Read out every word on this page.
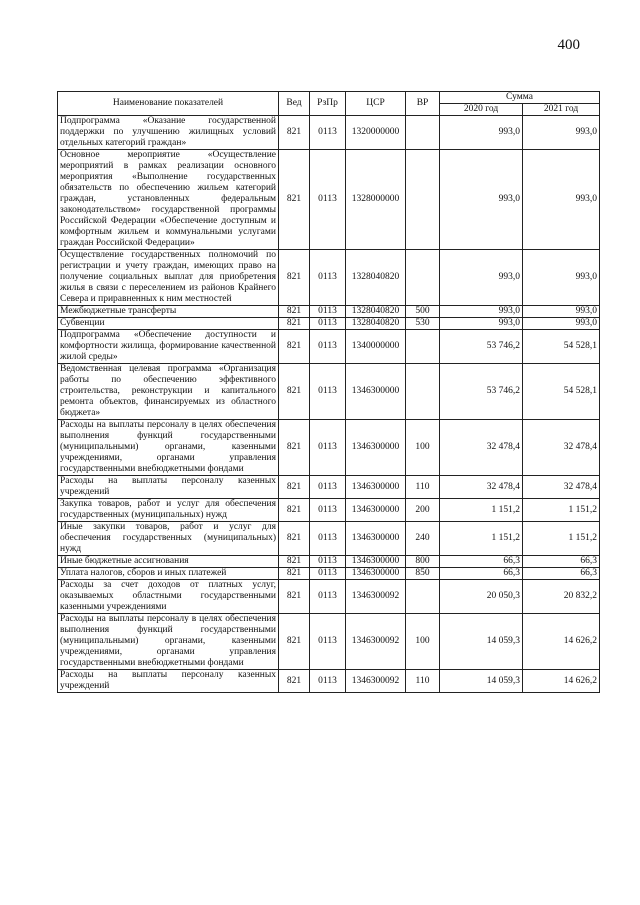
400
Наименование показателей	Вед	РзПр	ЦСР	ВР	Сумма	
					2020 год	2021 год
Подпрограмма «Оказание государственной поддержки по улучшению жилищных условий отдельных категорий граждан»	821	0113	1320000000		993,0	993,0
Основное мероприятие «Осуществление мероприятий в рамках реализации основного мероприятия «Выполнение государственных обязательств по обеспечению жильем категорий граждан, установленных федеральным законодательством» государственной программы Российской Федерации «Обеспечение доступным и комфортным жильем и коммунальными услугами граждан Российской Федерации»	821	0113	1328000000		993,0	993,0
Осуществление государственных полномочий по регистрации и учету граждан, имеющих право на получение социальных выплат для приобретения жилья в связи с переселением из районов Крайнего Севера и приравненных к ним местностей	821	0113	1328040820		993,0	993,0
Межбюджетные трансферты	821	0113	1328040820	500	993,0	993,0
Субвенции	821	0113	1328040820	530	993,0	993,0
Подпрограмма «Обеспечение доступности и комфортности жилища, формирование качественной жилой среды»	821	0113	1340000000		53 746,2	54 528,1
Ведомственная целевая программа «Организация работы по обеспечению эффективного строительства, реконструкции и капитального ремонта объектов, финансируемых из областного бюджета»	821	0113	1346300000		53 746,2	54 528,1
Расходы на выплаты персоналу в целях обеспечения выполнения функций государственными (муниципальными) органами, казенными учреждениями, органами управления государственными внебюджетными фондами	821	0113	1346300000	100	32 478,4	32 478,4
Расходы на выплаты персоналу казенных учреждений	821	0113	1346300000	110	32 478,4	32 478,4
Закупка товаров, работ и услуг для обеспечения государственных (муниципальных) нужд	821	0113	1346300000	200	1 151,2	1 151,2
Иные закупки товаров, работ и услуг для обеспечения государственных (муниципальных) нужд	821	0113	1346300000	240	1 151,2	1 151,2
Иные бюджетные ассигнования	821	0113	1346300000	800	66,3	66,3
Уплата налогов, сборов и иных платежей	821	0113	1346300000	850	66,3	66,3
Расходы за счет доходов от платных услуг, оказываемых областными государственными казенными учреждениями	821	0113	1346300092		20 050,3	20 832,2
Расходы на выплаты персоналу в целях обеспечения выполнения функций государственными (муниципальными) органами, казенными учреждениями, органами управления государственными внебюджетными фондами	821	0113	1346300092	100	14 059,3	14 626,2
Расходы на выплаты персоналу казенных учреждений	821	0113	1346300092	110	14 059,3	14 626,2
